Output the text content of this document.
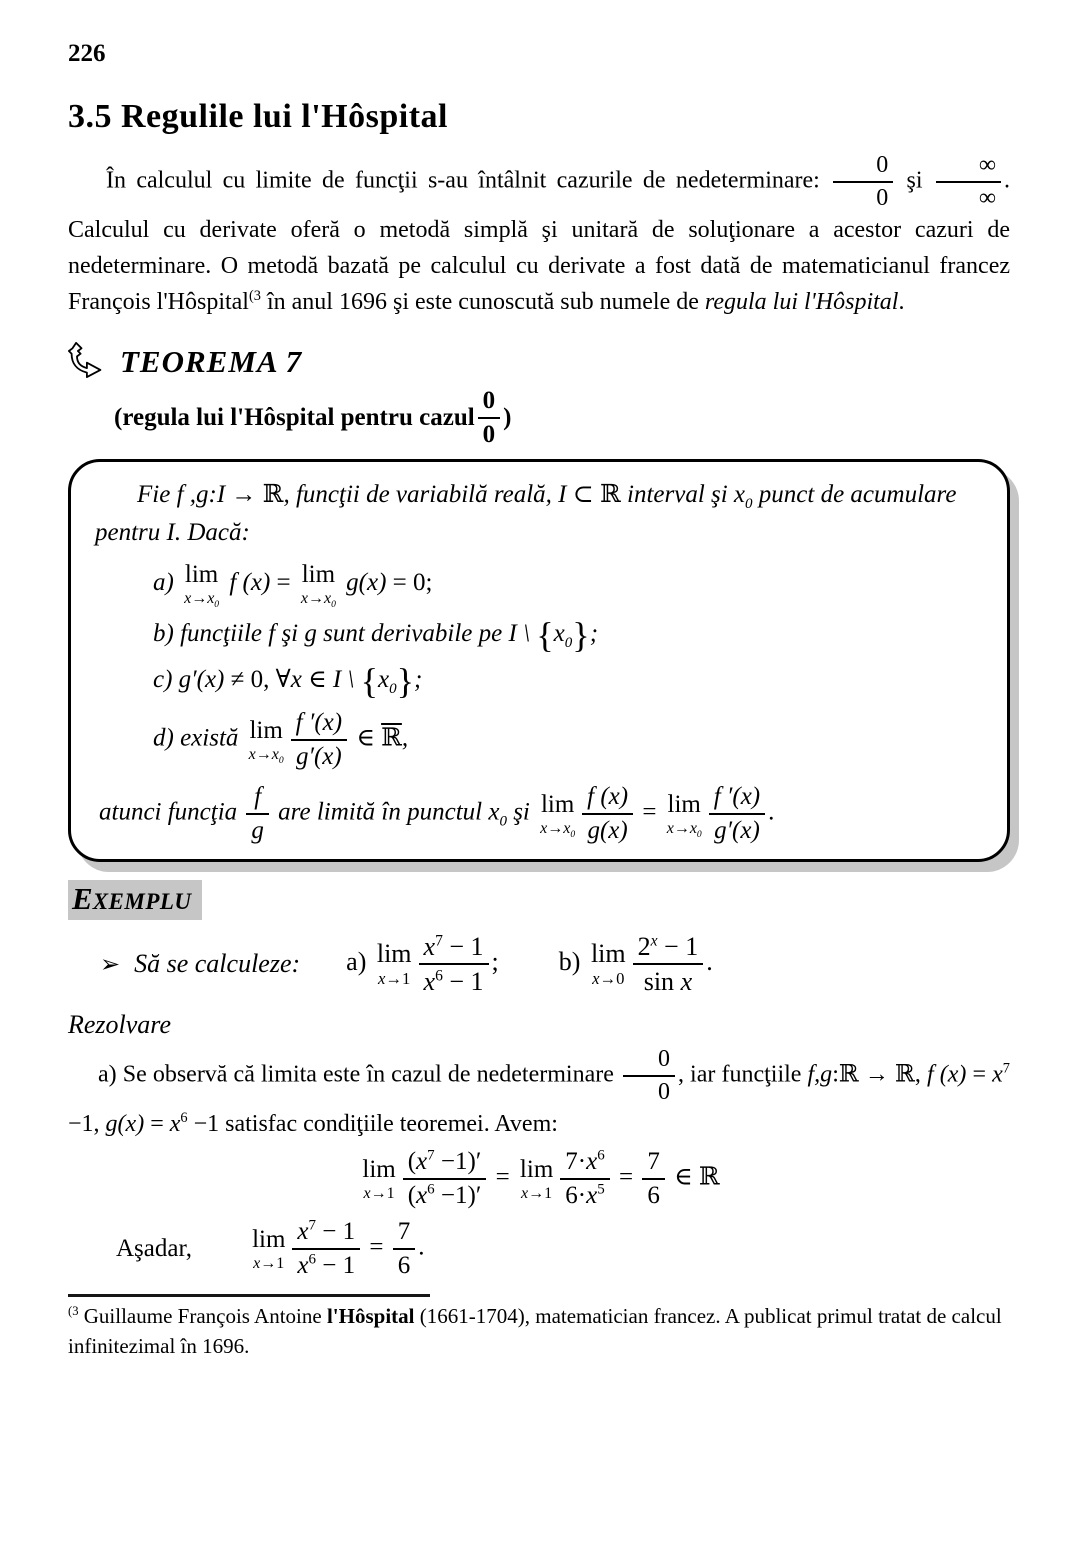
226
3.5 Regulile lui l'Hôspital

În calculul cu limite de funcţii s-au întâlnit cazurile de nedeterminare: $\frac{0}{0}$ şi $\frac{\infty}{\infty}$ . Calculul cu derivate oferă o metodă simplă şi unitară de soluţionare a acestor cazuri de nedeterminare. O metodă bazată pe calculul cu derivate a fost dată de matematicianul francez François l'Hôspital$^{(3}$ în anul 1696 şi este cunoscută sub numele de regula lui l'Hôspital.

TEOREMA 7
(regula lui l'Hôspital pentru cazul $\frac{0}{0}$ )

Fie f ,g:I → ℝ, funcţii de variabilă reală, I ⊂ ℝ interval şi $x_0$ punct de acumulare pentru I. Dacă:

a) lim
$x\to x_0$
f (x) = lim
$x\to x_0$
g(x) = 0;
b) funcţiile f şi g sunt derivabile pe I \ $\{x_0\}$;
c) g′(x) ≠ 0, ∀x ∈ I \ $\{x_0\}$;
d) există lim
$x\to x_0 \frac{f '(x)}{g'(x)}$ ∈ ℝ,
atunci funcţia $\frac{f}{g}$ are limită în punctul $x_0$ şi lim
$x\to x_0 \frac{f (x)}{g(x)} = \lim$
$x\to x_0 \frac{f '(x)}{g'(x)}$ .
EXEMPLU
➢ Să se calculeze: a) lim
$x\to 1 \frac{x^7 - 1}{x^6 - 1}$ ; b) lim
$x\to 0 \frac{2^x - 1}{\text{sin x}}$ .
Rezolvare

a) Se observă că limita este în cazul de nedeterminare $\frac{0}{0}$ , iar funcţiile f,g:ℝ → ℝ, f $(x) = x^7 -1$, $g(x) = x^6 -1$ satisfac condiţiile teoremei. Avem:

lim
$x\to 1 \frac{(x^7 -1)'}{(x^6 -1)'} = \lim$
$x\to 1 \frac{7\cdot x^6}{6\cdot x^5} = \frac{7}{6}$ ∈ ℝ
Aşadar, lim
$x\to 1 \frac{x^7 - 1}{x^6 - 1} = \frac{7}{6}$ .
$^{(3}$ Guillaume François Antoine l'Hôspital (1661-1704), matematician francez. A publicat primul tratat de calcul infinitezimal în 1696.
